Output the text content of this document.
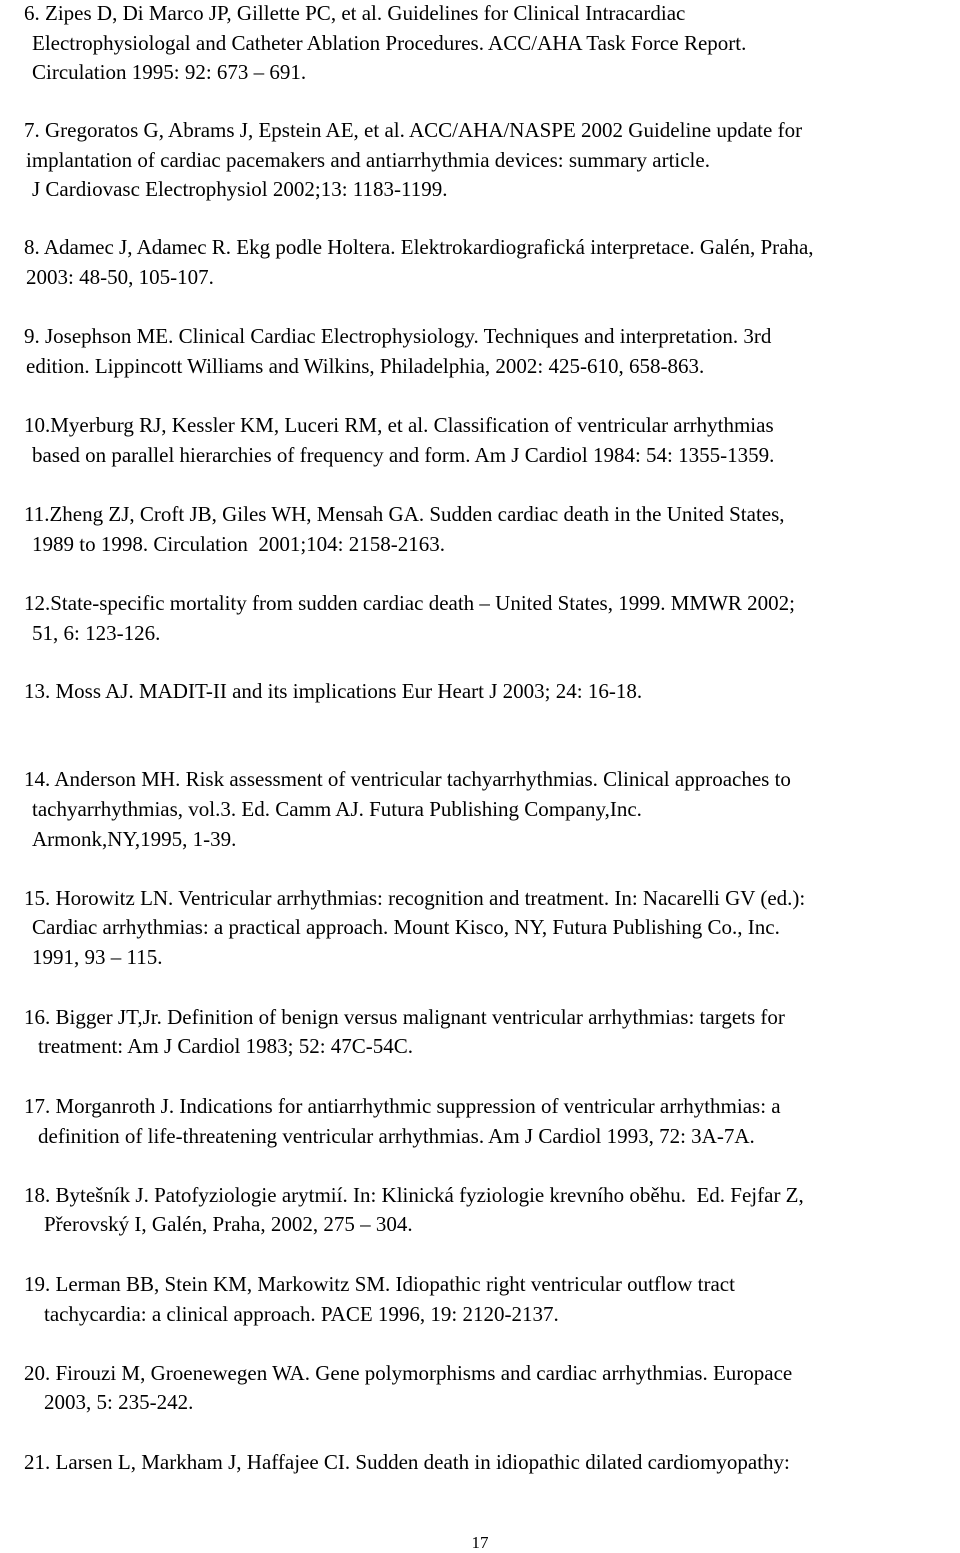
6. Zipes D, Di Marco JP, Gillette PC, et al. Guidelines for Clinical Intracardiac
Electrophysiologal and Catheter Ablation Procedures. ACC/AHA Task Force Report.
Circulation 1995: 92: 673 – 691.
7. Gregoratos G, Abrams J, Epstein AE, et al. ACC/AHA/NASPE 2002 Guideline update for
implantation of cardiac pacemakers and antiarrhythmia devices: summary article.
J Cardiovasc Electrophysiol 2002;13: 1183-1199.
8. Adamec J, Adamec R. Ekg podle Holtera. Elektrokardiografická interpretace. Galén, Praha,
2003: 48-50, 105-107.
9. Josephson ME. Clinical Cardiac Electrophysiology. Techniques and interpretation. 3rd
edition. Lippincott Williams and Wilkins, Philadelphia, 2002: 425-610, 658-863.
10.Myerburg RJ, Kessler KM, Luceri RM, et al. Classification of ventricular arrhythmias
based on parallel hierarchies of frequency and form. Am J Cardiol 1984: 54: 1355-1359.
11.Zheng ZJ, Croft JB, Giles WH, Mensah GA. Sudden cardiac death in the United States,
1989 to 1998. Circulation  2001;104: 2158-2163.
12.State-specific mortality from sudden cardiac death – United States, 1999. MMWR 2002;
51, 6: 123-126.
13. Moss AJ. MADIT-II and its implications Eur Heart J 2003; 24: 16-18.
14. Anderson MH. Risk assessment of ventricular tachyarrhythmias. Clinical approaches to
tachyarrhythmias, vol.3. Ed. Camm AJ. Futura Publishing Company,Inc.
Armonk,NY,1995, 1-39.
15. Horowitz LN. Ventricular arrhythmias: recognition and treatment. In: Nacarelli GV (ed.):
Cardiac arrhythmias: a practical approach. Mount Kisco, NY, Futura Publishing Co., Inc.
1991, 93 – 115.
16. Bigger JT,Jr. Definition of benign versus malignant ventricular arrhythmias: targets for
treatment: Am J Cardiol 1983; 52: 47C-54C.
17. Morganroth J. Indications for antiarrhythmic suppression of ventricular arrhythmias: a
definition of life-threatening ventricular arrhythmias. Am J Cardiol 1993, 72: 3A-7A.
18. Bytešník J. Patofyziologie arytmií. In: Klinická fyziologie krevního oběhu.  Ed. Fejfar Z,
Přerovský I, Galén, Praha, 2002, 275 – 304.
19. Lerman BB, Stein KM, Markowitz SM. Idiopathic right ventricular outflow tract
tachycardia: a clinical approach. PACE 1996, 19: 2120-2137.
20. Firouzi M, Groenewegen WA. Gene polymorphisms and cardiac arrhythmias. Europace
2003, 5: 235-242.
21. Larsen L, Markham J, Haffajee CI. Sudden death in idiopathic dilated cardiomyopathy:
17
